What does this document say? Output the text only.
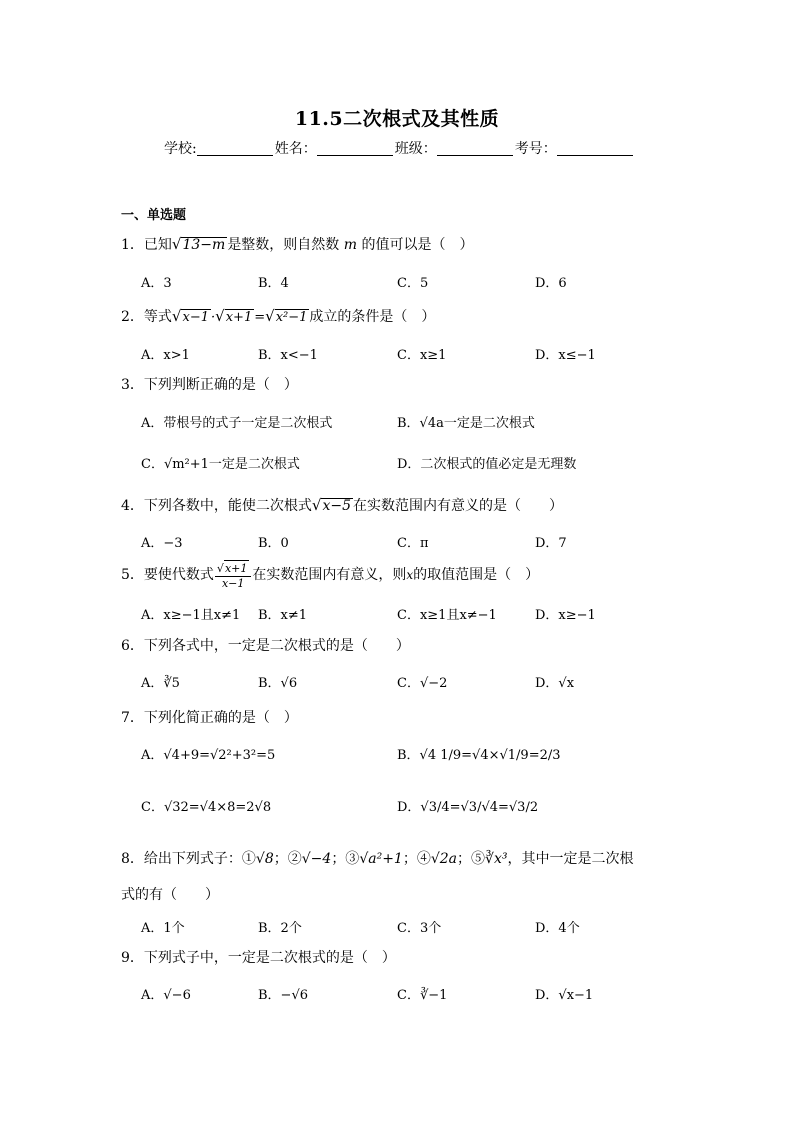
11.5二次根式及其性质
学校:	姓名：	班级：	考号：
一、单选题
1．已知√13−m 是整数，则自然数 m 的值可以是（　）
A．3	B．4	C．5	D．6
2．等式√x−1 ·√x+1 =√x²−1 成立的条件是（　）
A．x>1	B．x<−1	C．x≥1	D．x≤−1
3．下列判断正确的是（　）
A．带根号的式子一定是二次根式	B．√4a一定是二次根式
C．√m²+1一定是二次根式	D．二次根式的值必定是无理数
4．下列各数中，能使二次根式√x−5 在实数范围内有意义的是（　　）
A．−3	B．0	C．π	D．7
5．要使代数式 $\frac{√x+1}{x-1}$ 在实数范围内有意义，则x的取值范围是（　）
A．x≥−1且x≠1 B．x≠1	C．x≥1且x≠−1	D．x≥−1
6．下列各式中，一定是二次根式的是（　　）
A．∛5	B．√6	C．√−2	D．√x
7．下列化简正确的是（　）
A．√4+9=√2²+3²=5	B．√4 1/9=√4×√1/9=2/3
C．√32=√4×8=2√8	D．√3/4=√3/√4=√3/2
8．给出下列式子：①√8；②√−4；③√a²+1；④√2a；⑤∛x³，其中一定是二次根
式的有（　　）
A．1个	B．2个	C．3个	D．4个
9．下列式子中，一定是二次根式的是（　）
A．√−6	B．−√6	C．∛−1	D．√x−1
